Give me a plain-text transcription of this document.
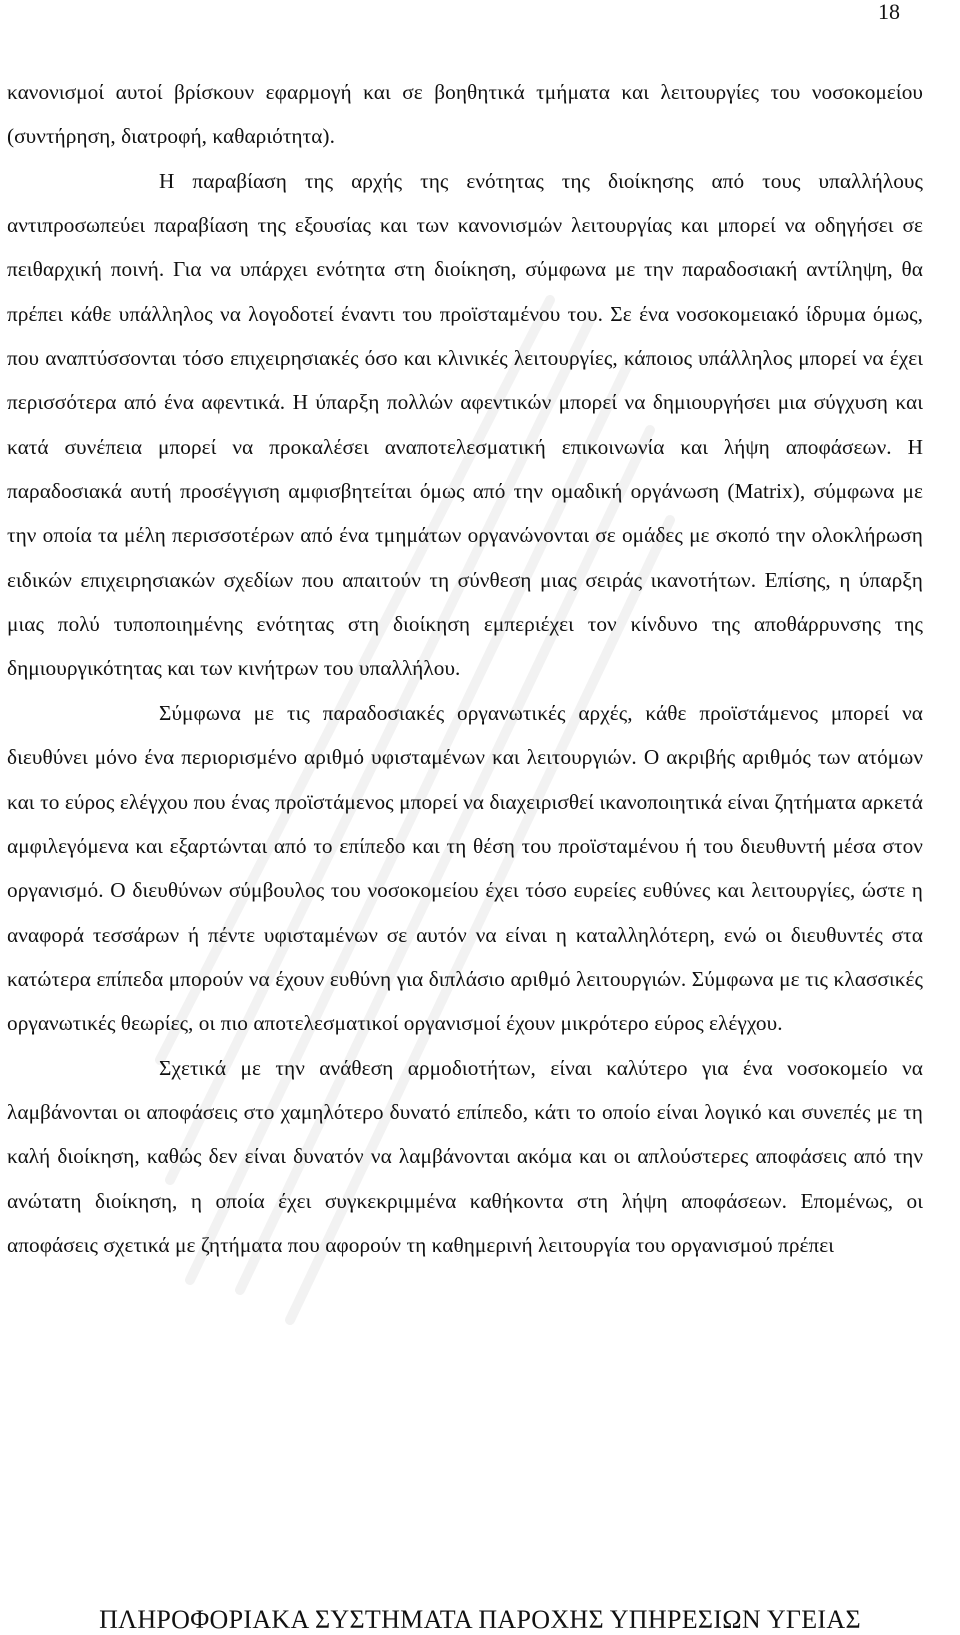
18

κανονισμοί αυτοί βρίσκουν εφαρμογή και σε βοηθητικά τμήματα και λειτουργίες του νοσοκομείου (συντήρηση, διατροφή, καθαριότητα).

Η παραβίαση της αρχής της ενότητας της διοίκησης από τους υπαλλήλους αντιπροσωπεύει παραβίαση της εξουσίας και των κανονισμών λειτουργίας και μπορεί να οδηγήσει σε πειθαρχική ποινή. Για να υπάρχει ενότητα στη διοίκηση, σύμφωνα με την παραδοσιακή αντίληψη, θα πρέπει κάθε υπάλληλος να λογοδοτεί έναντι του προϊσταμένου του. Σε ένα νοσοκομειακό ίδρυμα όμως, που αναπτύσσονται τόσο επιχειρησιακές όσο και κλινικές λειτουργίες, κάποιος υπάλληλος μπορεί να έχει περισσότερα από ένα αφεντικά. Η ύπαρξη πολλών αφεντικών μπορεί να δημιουργήσει μια σύγχυση και κατά συνέπεια μπορεί να προκαλέσει αναποτελεσματική επικοινωνία και λήψη αποφάσεων. Η παραδοσιακά αυτή προσέγγιση αμφισβητείται όμως από την ομαδική οργάνωση (Matrix), σύμφωνα με την οποία τα μέλη περισσοτέρων από ένα τμημάτων οργανώνονται σε ομάδες με σκοπό την ολοκλήρωση ειδικών επιχειρησιακών σχεδίων που απαιτούν τη σύνθεση μιας σειράς ικανοτήτων. Επίσης, η ύπαρξη μιας πολύ τυποποιημένης ενότητας στη διοίκηση εμπεριέχει τον κίνδυνο της αποθάρρυνσης της δημιουργικότητας και των κινήτρων του υπαλλήλου.

Σύμφωνα με τις παραδοσιακές οργανωτικές αρχές, κάθε προϊστάμενος μπορεί να διευθύνει μόνο ένα περιορισμένο αριθμό υφισταμένων και λειτουργιών. Ο ακριβής αριθμός των ατόμων και το εύρος ελέγχου που ένας προϊστάμενος μπορεί να διαχειρισθεί ικανοποιητικά είναι ζητήματα αρκετά αμφιλεγόμενα και εξαρτώνται από το επίπεδο και τη θέση του προϊσταμένου ή του διευθυντή μέσα στον οργανισμό. Ο διευθύνων σύμβουλος του νοσοκομείου έχει τόσο ευρείες ευθύνες και λειτουργίες, ώστε η αναφορά τεσσάρων ή πέντε υφισταμένων σε αυτόν να είναι η καταλληλότερη, ενώ οι διευθυντές στα κατώτερα επίπεδα μπορούν να έχουν ευθύνη για διπλάσιο αριθμό λειτουργιών. Σύμφωνα με τις κλασσικές οργανωτικές θεωρίες, οι πιο αποτελεσματικοί οργανισμοί έχουν μικρότερο εύρος ελέγχου.

Σχετικά με την ανάθεση αρμοδιοτήτων, είναι καλύτερο για ένα νοσοκομείο να λαμβάνονται οι αποφάσεις στο χαμηλότερο δυνατό επίπεδο, κάτι το οποίο είναι λογικό και συνεπές με τη καλή διοίκηση, καθώς δεν είναι δυνατόν να λαμβάνονται ακόμα και οι απλούστερες αποφάσεις από την ανώτατη διοίκηση, η οποία έχει συγκεκριμμένα καθήκοντα στη λήψη αποφάσεων. Επομένως, οι αποφάσεις σχετικά με ζητήματα που αφορούν τη καθημερινή λειτουργία του οργανισμού πρέπει

ΠΛΗΡΟΦΟΡΙΑΚΑ ΣΥΣΤΗΜΑΤΑ ΠΑΡΟΧΗΣ ΥΠΗΡΕΣΙΩΝ ΥΓΕΙΑΣ
